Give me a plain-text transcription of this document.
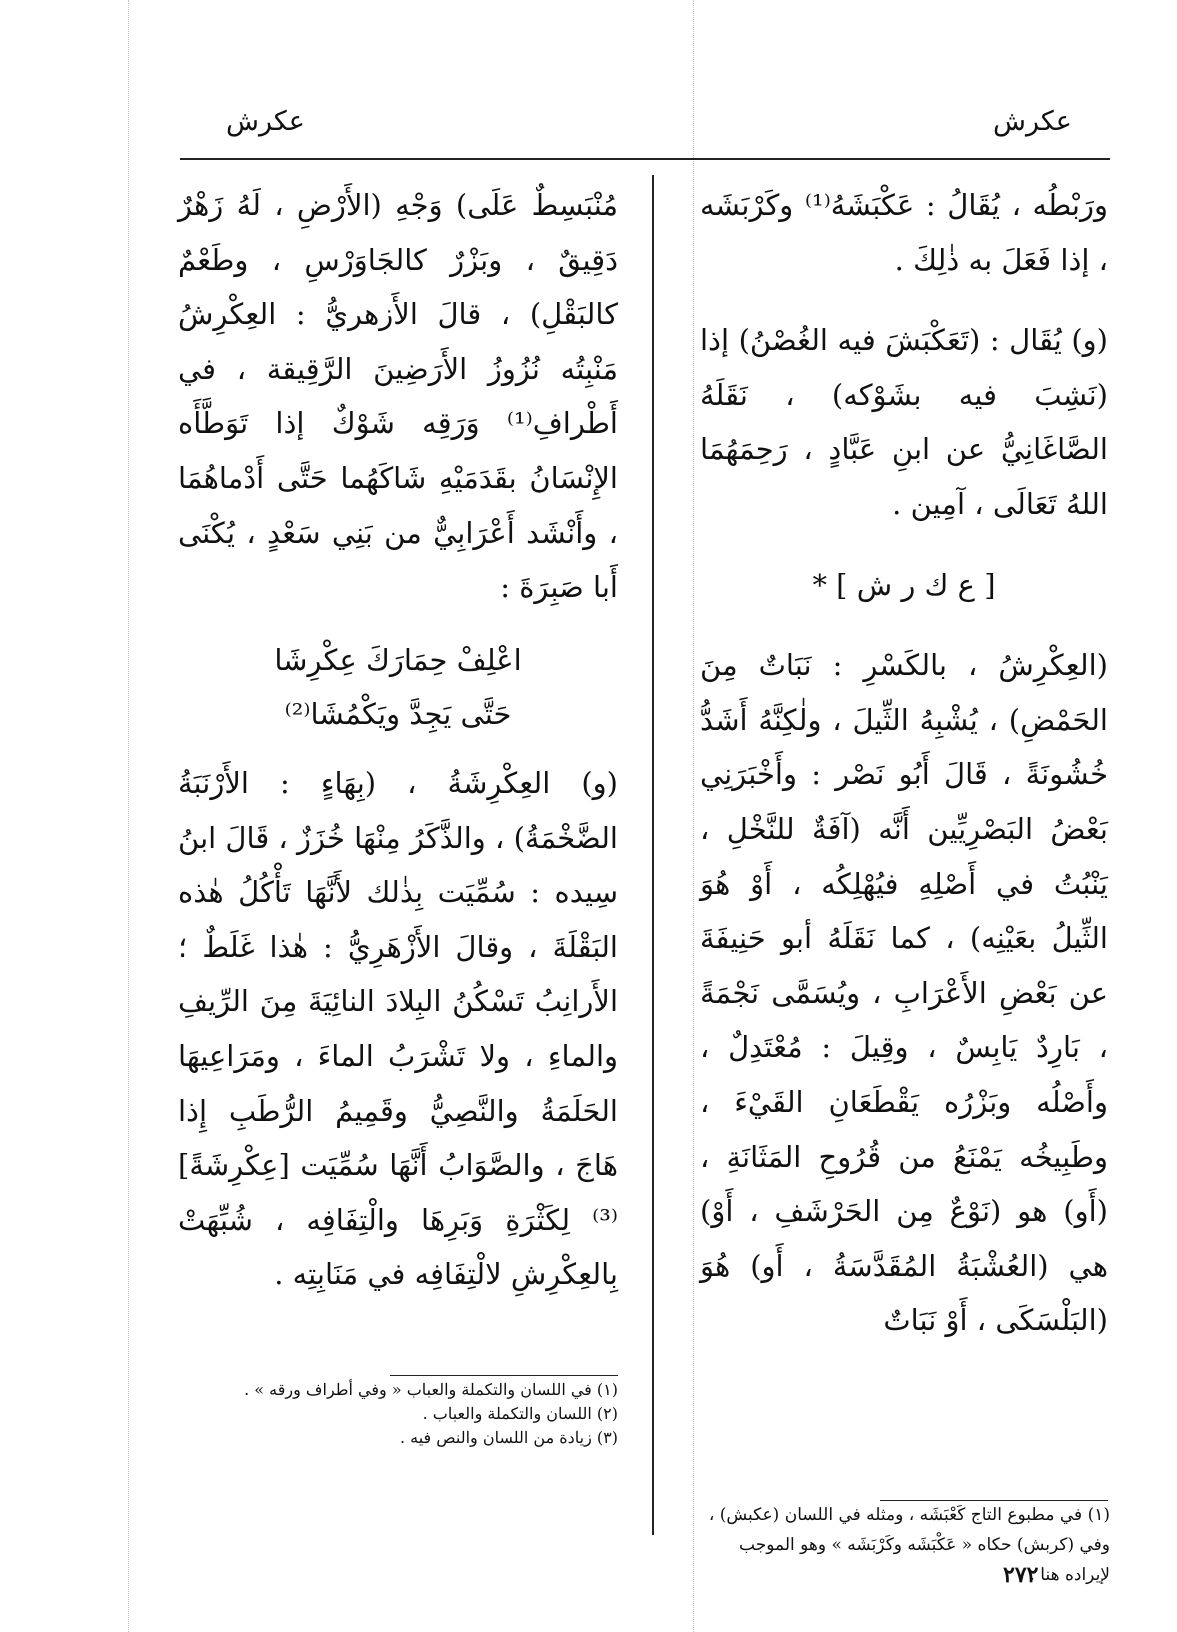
عكرش
عكرش

ورَبْطُه ، يُقَالُ : عَكْبَشَهُ⁽¹⁾ وكَرْبَشَه ، إذا فَعَلَ به ذٰلِكَ .

(و) يُقَال : (تَعَكْبَشَ فيه الغُصْنُ) إذا (نَشِبَ فيه بشَوْكه) ، نَقَلَهُ الصَّاغَانِيُّ عن ابنِ عَبَّادٍ ، رَحِمَهُمَا اللهُ تَعَالَى ، آمِين .

[ ع ك ر ش ] *

(العِكْرِشُ ، بالكَسْرِ : نَبَاتٌ مِنَ الحَمْضِ) ، يُشْبِهُ الثِّيلَ ، ولٰكِنَّهُ أَشَدُّ خُشُونَةً ، قَالَ أَبُو نَصْر : وأَخْبَرَنِي بَعْضُ البَصْرِيِّين أَنَّه (آفَةٌ للنَّخْلِ ، يَنْبُتُ في أَصْلِهِ فيُهْلِكُه ، أَوْ هُوَ الثِّيلُ بعَيْنِه) ، كما نَقَلَهُ أبو حَنِيفَةَ عن بَعْضِ الأَعْرَابِ ، ويُسَمَّى نَجْمَةً ، بَارِدٌ يَابِسٌ ، وقِيلَ : مُعْتَدِلٌ ، وأَصْلُه وبَزْرُه يَقْطَعَانِ القَيْءَ ، وطَبِيخُه يَمْنَعُ من قُرُوحِ المَثَانَةِ ، (أَو) هو (نَوْعٌ مِن الحَرْشَفِ ، أَوْ) هي (العُشْبَةُ المُقَدَّسَةُ ، أَو) هُوَ (البَلْسَكَى ، أَوْ نَبَاتٌ

مُنْبَسِطٌ عَلَى) وَجْهِ (الأَرْضِ ، لَهُ زَهْرٌ دَقِيقٌ ، وبَزْرٌ كالجَاوَرْسِ ، وطَعْمٌ كالبَقْلِ) ، قالَ الأَزهريُّ : العِكْرِشُ مَنْبِتُه نُزُوزُ الأَرَضِينَ الرَّقِيقة ، في أَطْرافِ⁽¹⁾ وَرَقِه شَوْكٌ إذا تَوَطَّأَه الإِنْسَانُ بقَدَمَيْهِ شَاكَهُما حَتَّى أَدْماهُمَا ، وأَنْشَد أَعْرَابِيٌّ من بَنِي سَعْدٍ ، يُكْنَى أَبا صَبِرَةَ :

اعْلِفْ حِمَارَكَ عِكْرِشَا
حَتَّى يَجِدَّ ويَكْمُشَا⁽²⁾

(و) العِكْرِشَةُ ، (بِهَاءٍ : الأَرْنَبَةُ الضَّخْمَةُ) ، والذَّكَرُ مِنْهَا خُزَزٌ ، قَالَ ابنُ سِيده : سُمِّيَت بِذٰلك لأَنَّهَا تَأْكُلُ هٰذه البَقْلَةَ ، وقالَ الأَزْهَرِيُّ : هٰذا غَلَطٌ ؛ الأَرانِبُ تَسْكُنُ البِلادَ النائِيَةَ مِنَ الرِّيفِ والماءِ ، ولا تَشْرَبُ الماءَ ، ومَرَاعِيهَا الحَلَمَةُ والنَّصِيُّ وقَمِيمُ الرُّطَبِ إِذا هَاجَ ، والصَّوَابُ أَنَّهَا سُمِّيَت [عِكْرِشَةً] ⁽³⁾ لِكَثْرَةِ وَبَرِهَا والْتِفَافِه ، شُبِّهَتْ بِالعِكْرِشِ لالْتِفَافِه في مَنَابِتِه .

(١) في مطبوع التاج كَعْبَشَه ، ومثله في اللسان (عكبش) ، وفي (كربش) حكاه « عَكْبَشَه وكَرْبَشَه » وهو الموجب لإيراده هنا .

(١) في اللسان والتكملة والعباب « وفي أطراف ورقه » .

(٢) اللسان والتكملة والعباب .

(٣) زيادة من اللسان والنص فيه .

٢٧٢
